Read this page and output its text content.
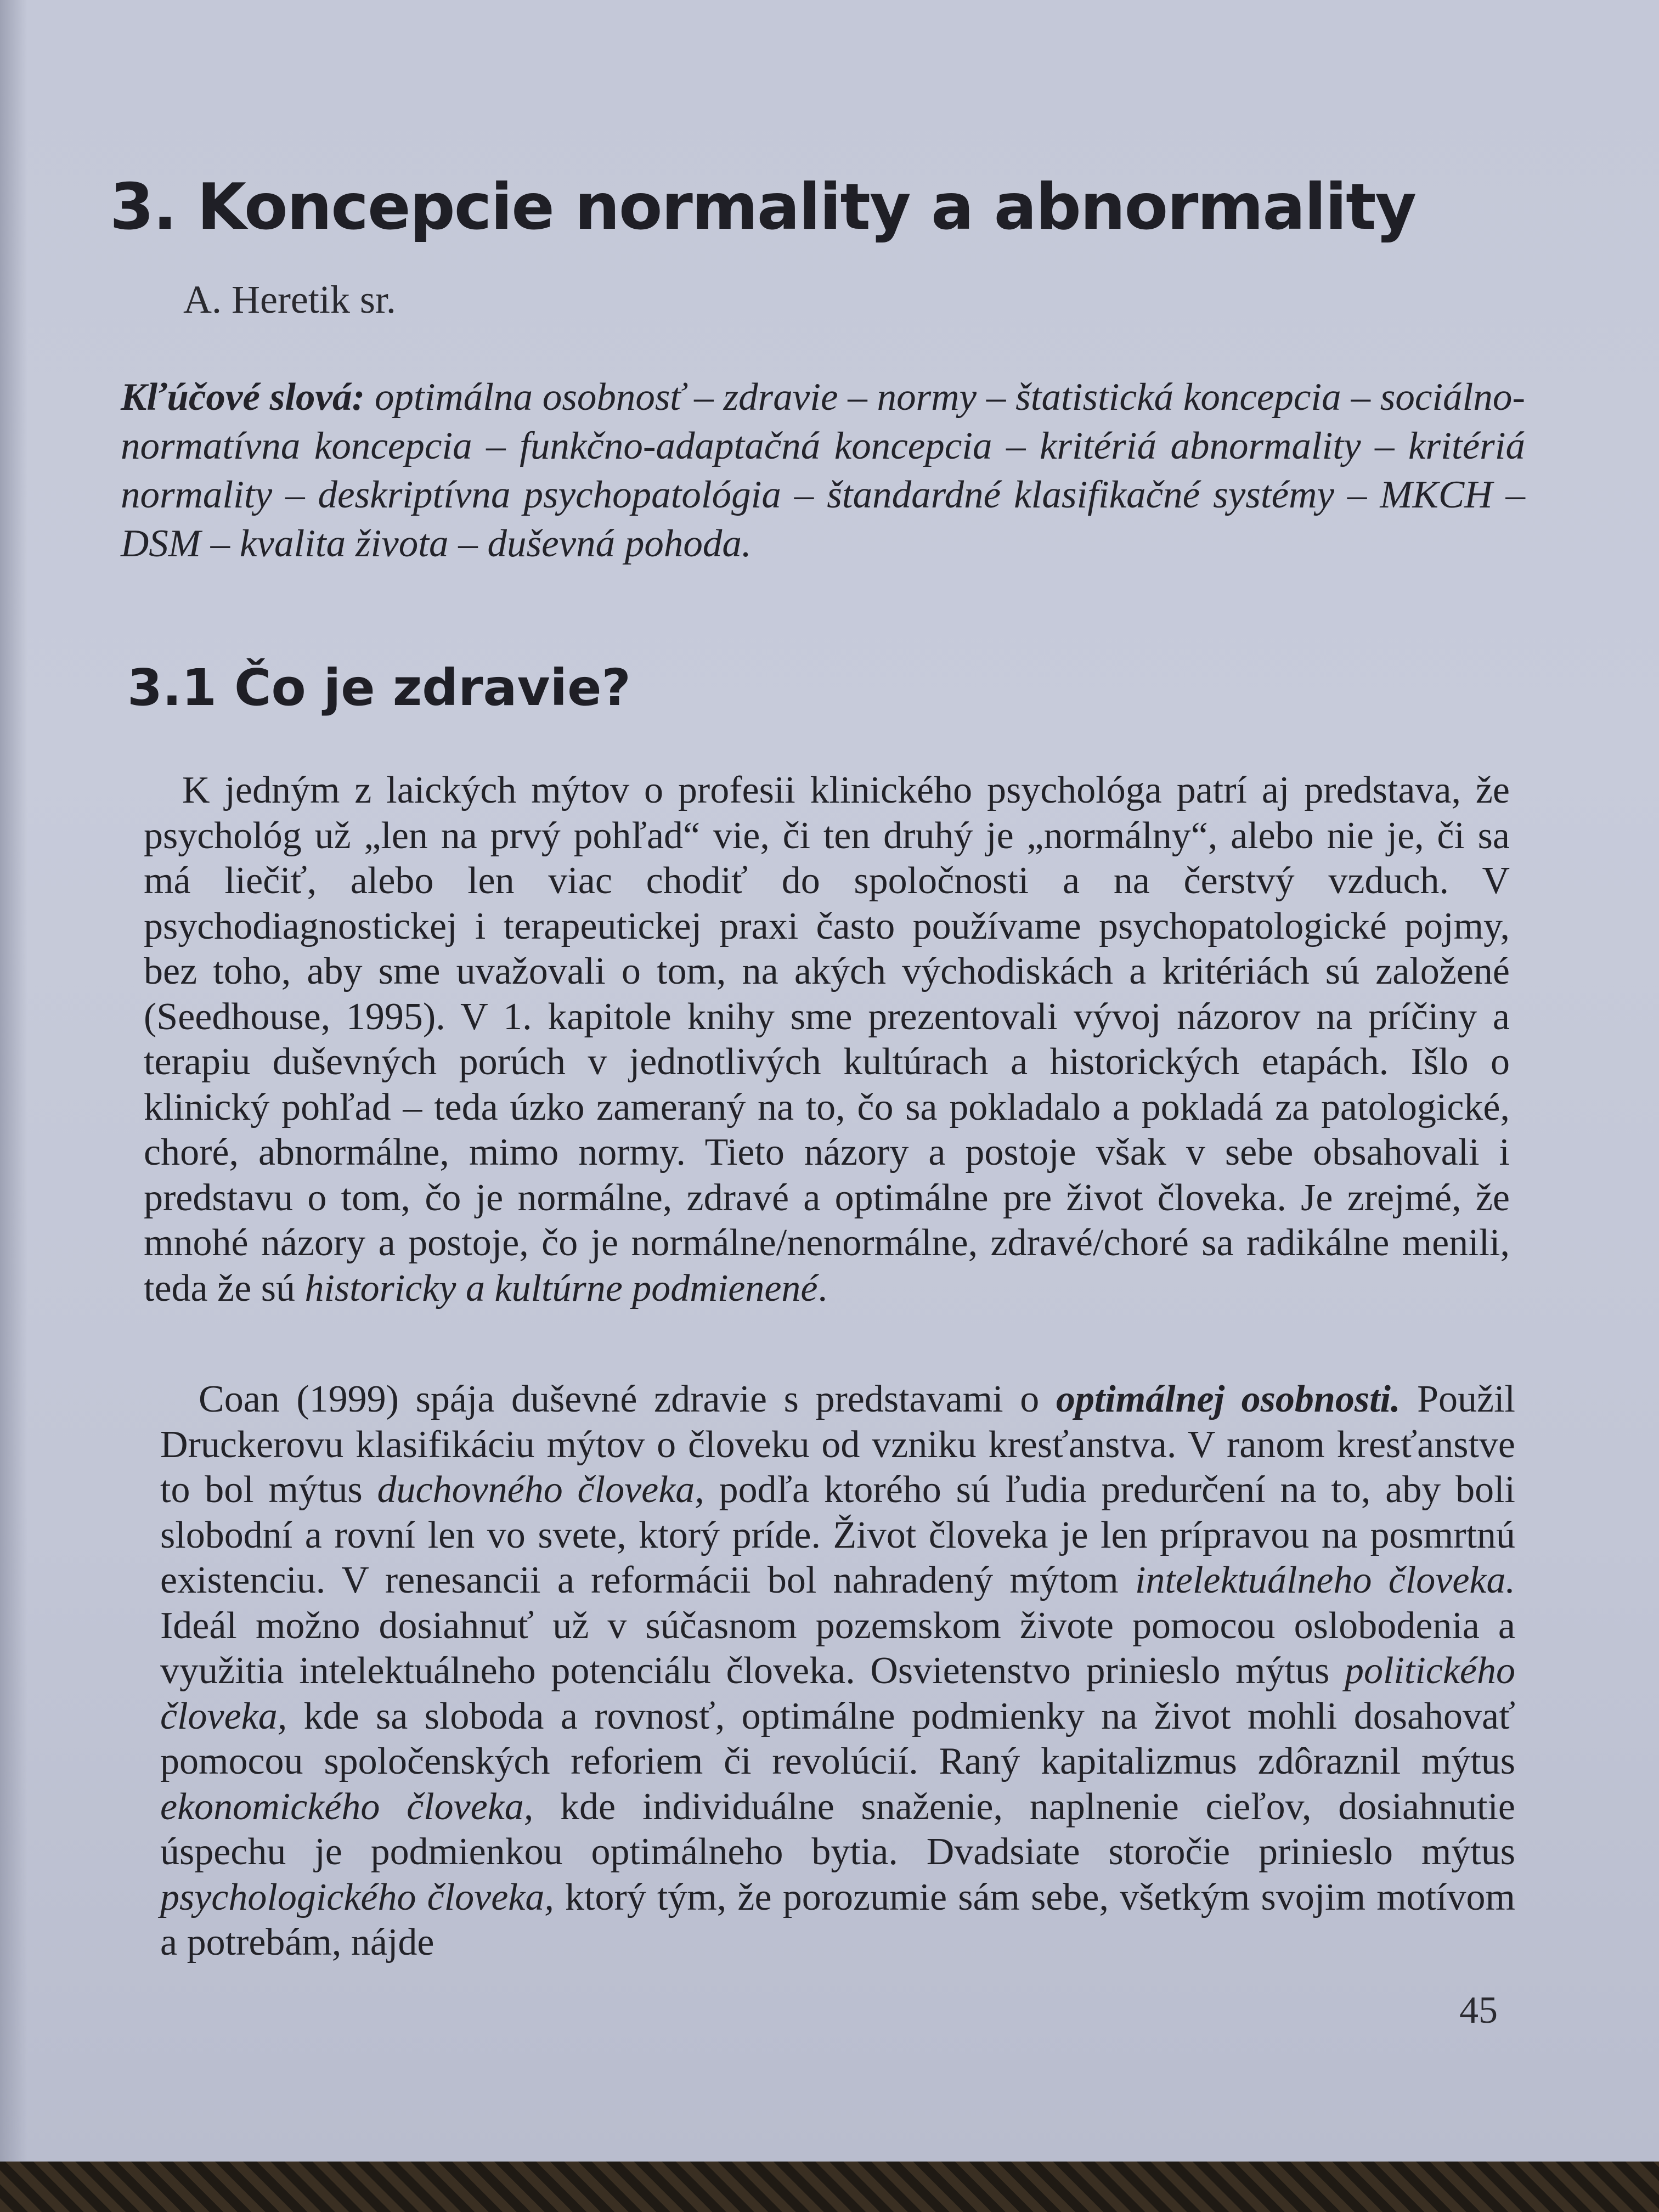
3. Koncepcie normality a abnormality

A. Heretik sr.

Kľúčové slová: optimálna osobnosť – zdravie – normy – štatistická koncepcia – sociálno- normatívna koncepcia – funkčno-adaptačná koncepcia – kritériá abnormality – kritériá normality – deskriptívna psychopatológia – štandardné klasifikačné systémy – MKCH – DSM – kvalita života – duševná pohoda.

3.1 Čo je zdravie?

K jedným z laických mýtov o profesii klinického psychológa patrí aj predstava, že psychológ už „len na prvý pohľad“ vie, či ten druhý je „normálny“, alebo nie je, či sa má liečiť, alebo len viac chodiť do spoločnosti a na čerstvý vzduch. V psychodiagnostickej i terapeutickej praxi často používame psychopatologické pojmy, bez toho, aby sme uvažovali o tom, na akých východiskách a kritériách sú založené (Seedhouse, 1995). V 1. kapitole knihy sme prezentovali vývoj názorov na príčiny a terapiu duševných porúch v jednotlivých kultúrach a historických etapách. Išlo o klinický pohľad – teda úzko zameraný na to, čo sa pokladalo a pokladá za patologické, choré, abnormálne, mimo normy. Tieto názory a postoje však v sebe obsahovali i predstavu o tom, čo je normálne, zdravé a optimálne pre život človeka. Je zrejmé, že mnohé názory a postoje, čo je normálne/nenormálne, zdravé/choré sa radikálne menili, teda že sú historicky a kultúrne podmienené.

Coan (1999) spája duševné zdravie s predstavami o optimálnej osobnosti. Použil Druckerovu klasifikáciu mýtov o človeku od vzniku kresťanstva. V ranom kresťanstve to bol mýtus duchovného človeka, podľa ktorého sú ľudia predurčení na to, aby boli slobodní a rovní len vo svete, ktorý príde. Život človeka je len prípravou na posmrtnú existenciu. V renesancii a reformácii bol nahradený mýtom intelektuálneho človeka. Ideál možno dosiahnuť už v súčasnom pozemskom živote pomocou oslobodenia a využitia intelektuálneho potenciálu človeka. Osvietenstvo prinieslo mýtus politického človeka, kde sa sloboda a rovnosť, optimálne podmienky na život mohli dosahovať pomocou spoločenských reforiem či revolúcií. Raný kapitalizmus zdôraznil mýtus ekonomického človeka, kde individuálne snaženie, naplnenie cieľov, dosiahnutie úspechu je podmienkou optimálneho bytia. Dvadsiate storočie prinieslo mýtus psychologického človeka, ktorý tým, že porozumie sám sebe, všetkým svojim motívom a potrebám, nájde

45
